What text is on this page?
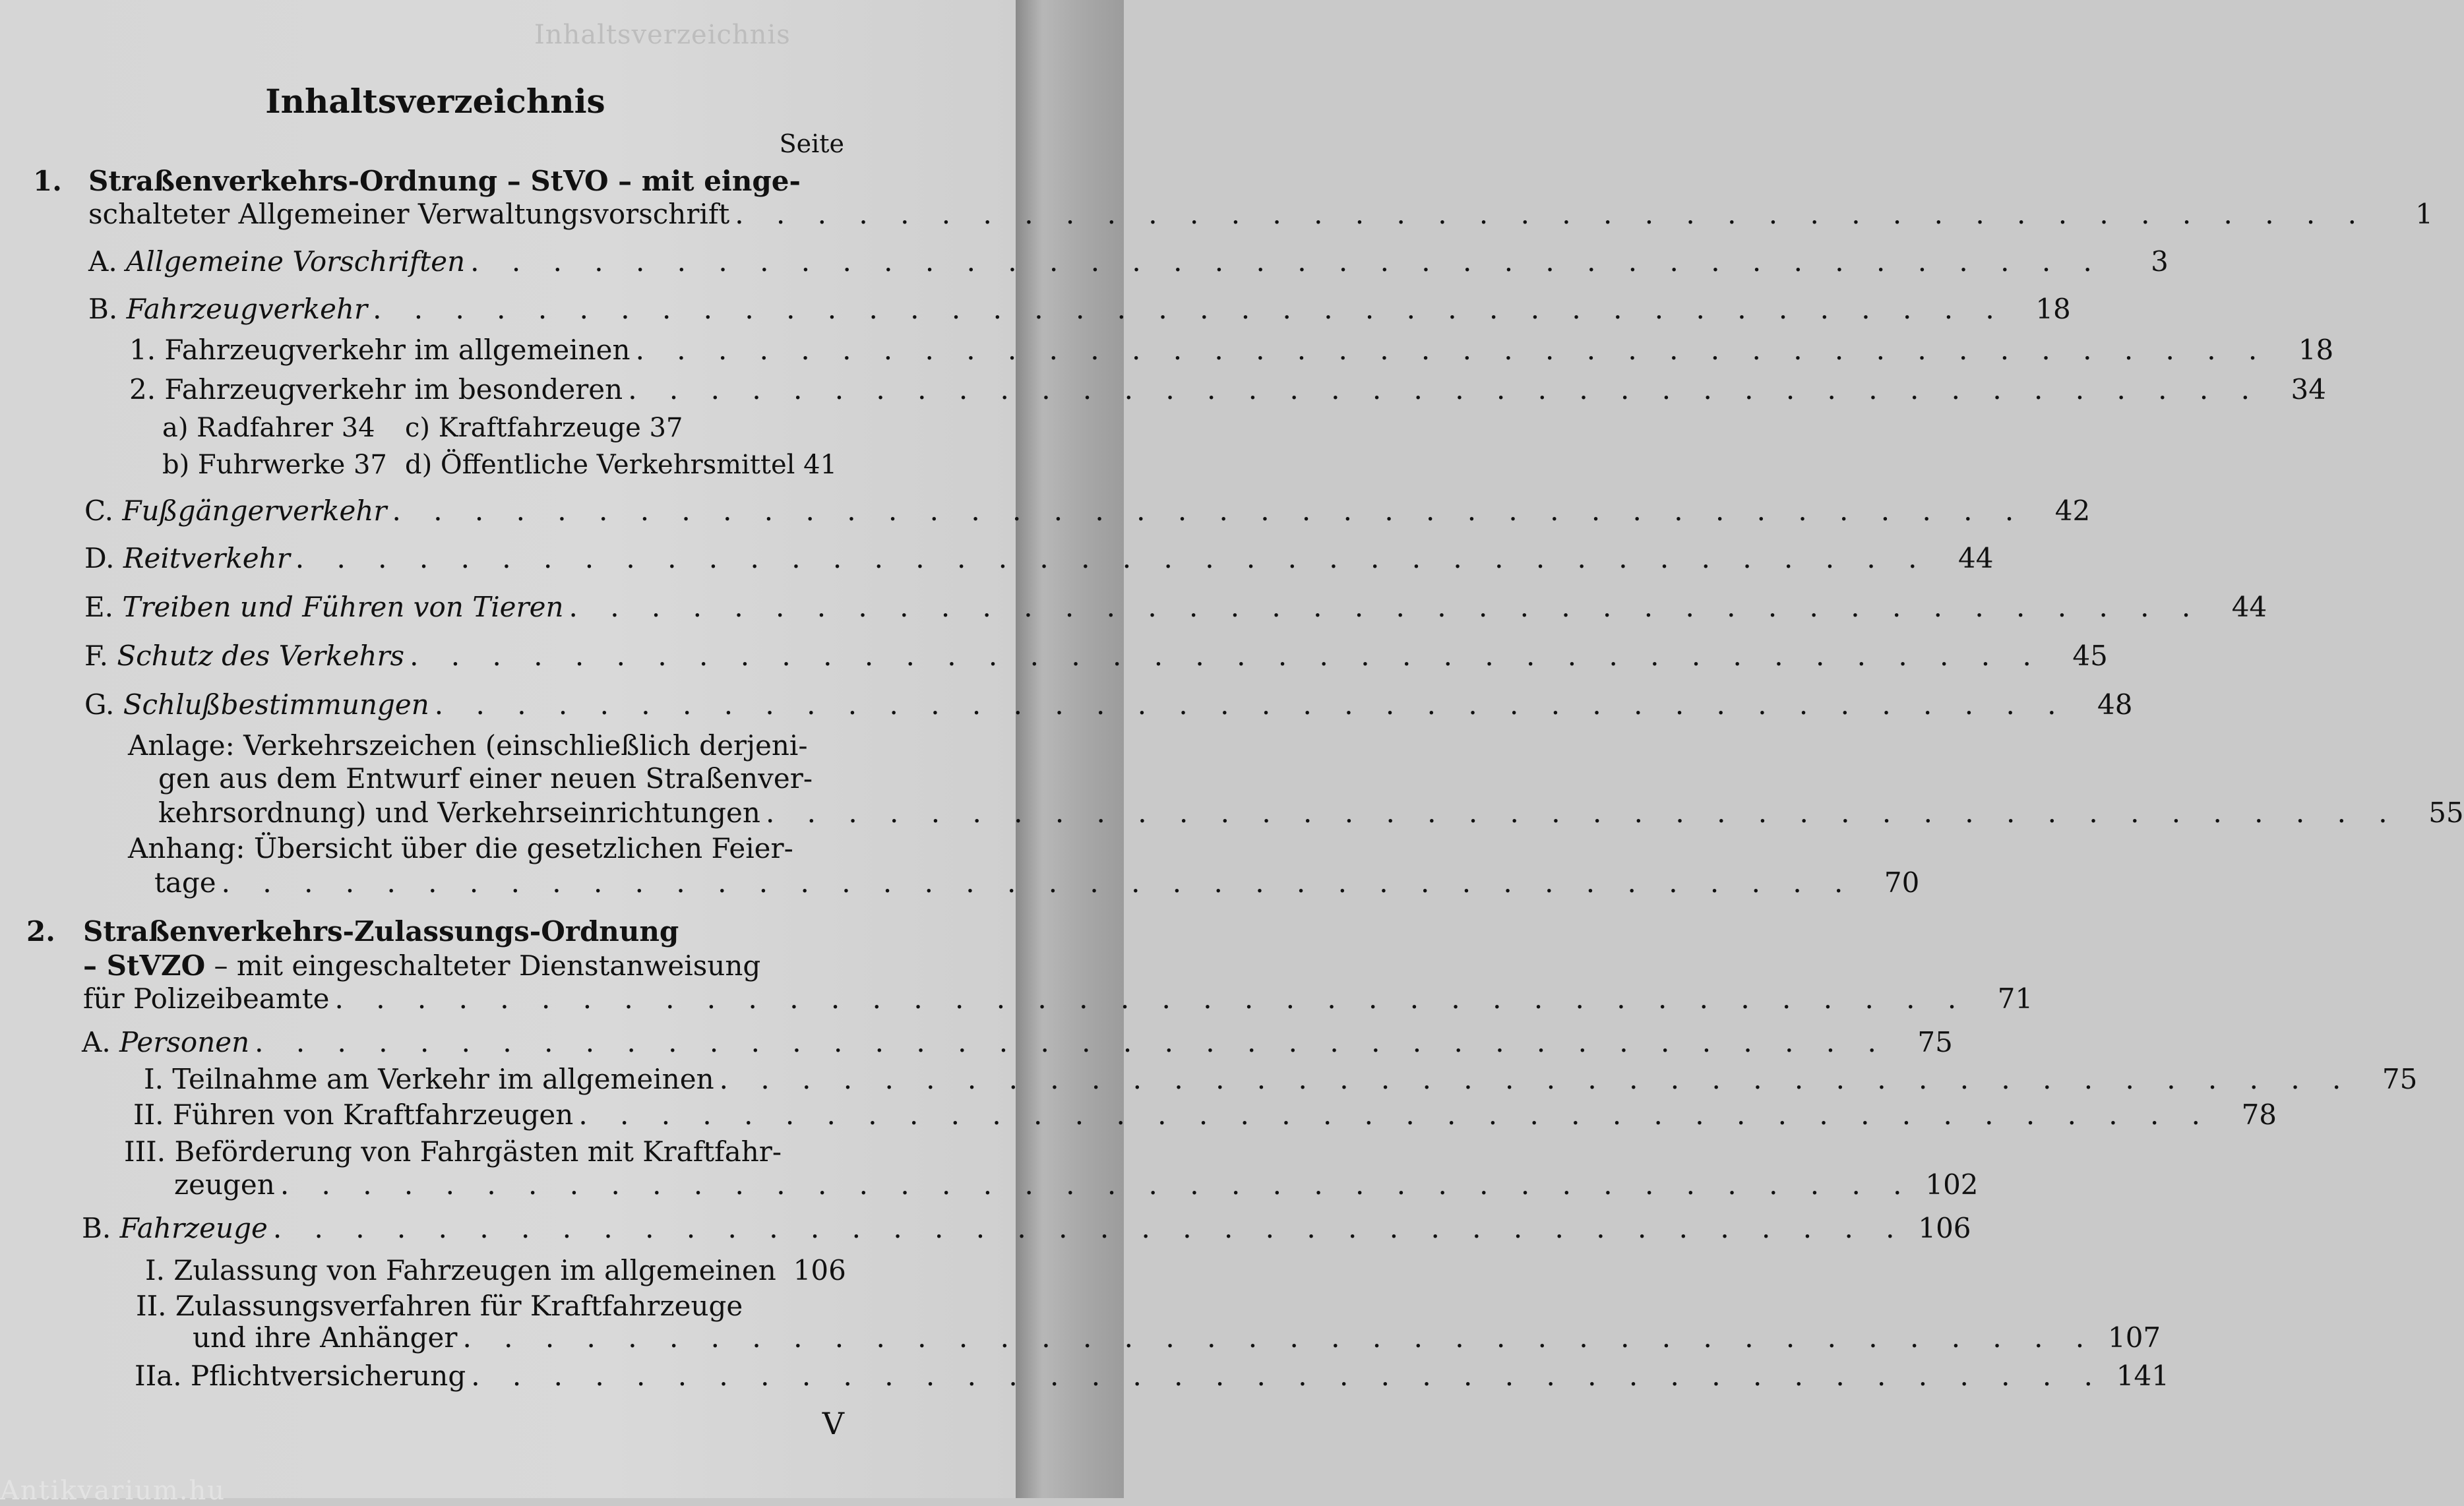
Inhaltsverzeichnis
Inhaltsverzeichnis
Seite
1. Straßenverkehrs-Ordnung – StVO – mit einge-
schalteter Allgemeiner Verwaltungsvorschrift . . . . . . . . . . . . . . . . . . . . . . . . . . . . . . . . . . . . . . . .	1
A. Allgemeine Vorschriften . . . . . . . . . . . . . . . . . . . . . . . . . . . . . . . . . . . . . . . .	3
B. Fahrzeugverkehr . . . . . . . . . . . . . . . . . . . . . . . . . . . . . . . . . . . . . . . .	18
1. Fahrzeugverkehr im allgemeinen . . . . . . . . . . . . . . . . . . . . . . . . . . . . . . . . . . . . . . . .	18
2. Fahrzeugverkehr im besonderen . . . . . . . . . . . . . . . . . . . . . . . . . . . . . . . . . . . . . . . .	34
a) Radfahrer 34 c) Kraftfahrzeuge 37
b) Fuhrwerke 37 d) Öffentliche Verkehrsmittel 41
C. Fußgängerverkehr . . . . . . . . . . . . . . . . . . . . . . . . . . . . . . . . . . . . . . . .	42
D. Reitverkehr . . . . . . . . . . . . . . . . . . . . . . . . . . . . . . . . . . . . . . . .	44
E. Treiben und Führen von Tieren . . . . . . . . . . . . . . . . . . . . . . . . . . . . . . . . . . . . . . . .	44
F. Schutz des Verkehrs . . . . . . . . . . . . . . . . . . . . . . . . . . . . . . . . . . . . . . . .	45
G. Schlußbestimmungen . . . . . . . . . . . . . . . . . . . . . . . . . . . . . . . . . . . . . . . .	48
Anlage: Verkehrszeichen (einschließlich derjeni-
gen aus dem Entwurf einer neuen Straßenver-
kehrsordnung) und Verkehrseinrichtungen . . . . . . . . . . . . . . . . . . . . . . . . . . . . . . . . . . . . . . . .	55
Anhang: Übersicht über die gesetzlichen Feier-
tage . . . . . . . . . . . . . . . . . . . . . . . . . . . . . . . . . . . . . . . .	70
2. Straßenverkehrs-Zulassungs-Ordnung
– StVZO – mit eingeschalteter Dienstanweisung
für Polizeibeamte . . . . . . . . . . . . . . . . . . . . . . . . . . . . . . . . . . . . . . . .	71
A. Personen . . . . . . . . . . . . . . . . . . . . . . . . . . . . . . . . . . . . . . . .	75
I. Teilnahme am Verkehr im allgemeinen . . . . . . . . . . . . . . . . . . . . . . . . . . . . . . . . . . . . . . . .	75
II. Führen von Kraftfahrzeugen . . . . . . . . . . . . . . . . . . . . . . . . . . . . . . . . . . . . . . . .	78
III. Beförderung von Fahrgästen mit Kraftfahr-
zeugen . . . . . . . . . . . . . . . . . . . . . . . . . . . . . . . . . . . . . . . . 102
B. Fahrzeuge . . . . . . . . . . . . . . . . . . . . . . . . . . . . . . . . . . . . . . . . 106
I. Zulassung von Fahrzeugen im allgemeinen 106
II. Zulassungsverfahren für Kraftfahrzeuge
und ihre Anhänger . . . . . . . . . . . . . . . . . . . . . . . . . . . . . . . . . . . . . . . . 107
IIa. Pflichtversicherung . . . . . . . . . . . . . . . . . . . . . . . . . . . . . . . . . . . . . . . . 141
V
Antikvarium.hu
